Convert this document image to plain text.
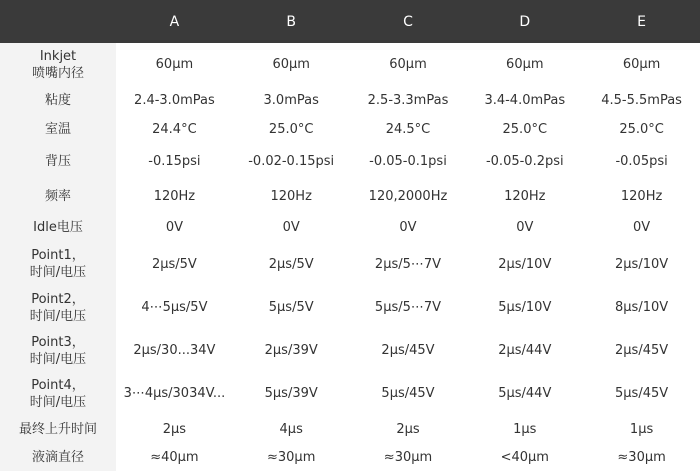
	A	B	C	D	E

Inkjet
喷嘴内径	60μm	60μm	60μm	60μm	60μm

粘度	2.4-3.0mPas	3.0mPas	2.5-3.3mPas	3.4-4.0mPas	4.5-5.5mPas

室温	24.4°C	25.0°C	24.5°C	25.0°C	25.0°C

背压	-0.15psi	-0.02-0.15psi	-0.05-0.1psi	-0.05-0.2psi	-0.05psi

频率	120Hz	120Hz	120,2000Hz	120Hz	120Hz

Idle电压	0V	0V	0V	0V	0V

Point1，
时间/电压	2μs/5V	2μs/5V	2μs/5⋯7V	2μs/10V	2μs/10V

Point2，
时间/电压	4⋯5μs/5V	5μs/5V	5μs/5⋯7V	5μs/10V	8μs/10V

Point3，
时间/电压	2μs/30...34V	2μs/39V	2μs/45V	2μs/44V	2μs/45V

Point4，
时间/电压	3⋯4μs/3034V...	5μs/39V	5μs/45V	5μs/44V	5μs/45V

最终上升时间	2μs	4μs	2μs	1μs	1μs

液滴直径	≈40μm	≈30μm	≈30μm	<40μm	≈30μm
